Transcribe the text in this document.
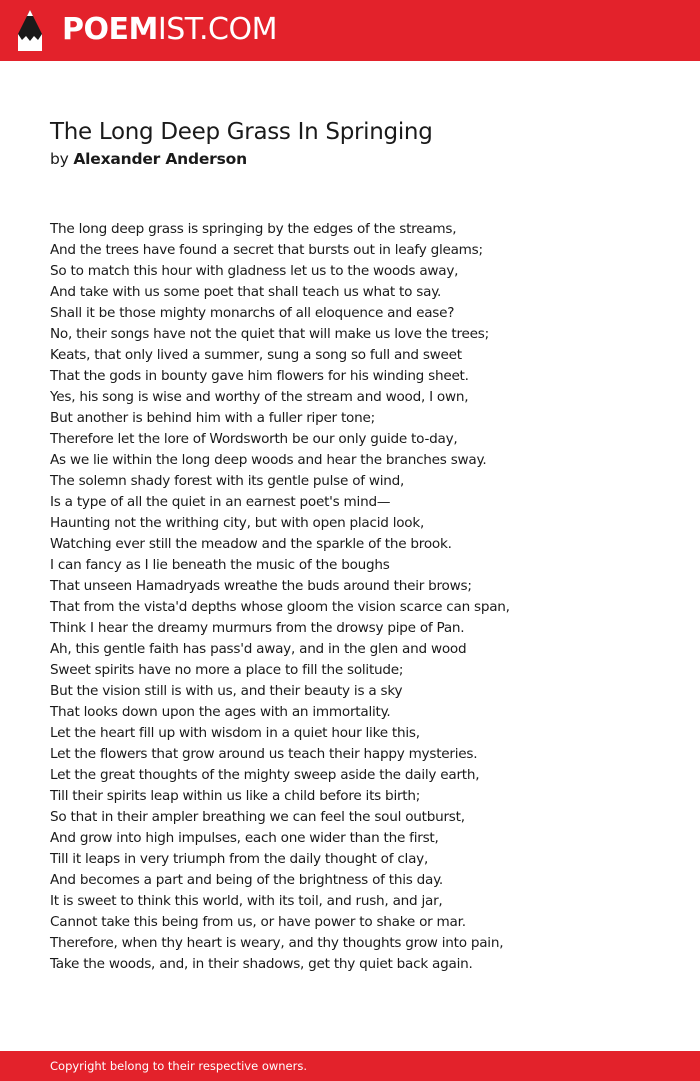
POEMIST.COM
The Long Deep Grass In Springing
by Alexander Anderson
The long deep grass is springing by the edges of the streams,
And the trees have found a secret that bursts out in leafy gleams;
So to match this hour with gladness let us to the woods away,
And take with us some poet that shall teach us what to say.
Shall it be those mighty monarchs of all eloquence and ease?
No, their songs have not the quiet that will make us love the trees;
Keats, that only lived a summer, sung a song so full and sweet
That the gods in bounty gave him flowers for his winding sheet.
Yes, his song is wise and worthy of the stream and wood, I own,
But another is behind him with a fuller riper tone;
Therefore let the lore of Wordsworth be our only guide to-day,
As we lie within the long deep woods and hear the branches sway.
The solemn shady forest with its gentle pulse of wind,
Is a type of all the quiet in an earnest poet's mind—
Haunting not the writhing city, but with open placid look,
Watching ever still the meadow and the sparkle of the brook.
I can fancy as I lie beneath the music of the boughs
That unseen Hamadryads wreathe the buds around their brows;
That from the vista'd depths whose gloom the vision scarce can span,
Think I hear the dreamy murmurs from the drowsy pipe of Pan.
Ah, this gentle faith has pass'd away, and in the glen and wood
Sweet spirits have no more a place to fill the solitude;
But the vision still is with us, and their beauty is a sky
That looks down upon the ages with an immortality.
Let the heart fill up with wisdom in a quiet hour like this,
Let the flowers that grow around us teach their happy mysteries.
Let the great thoughts of the mighty sweep aside the daily earth,
Till their spirits leap within us like a child before its birth;
So that in their ampler breathing we can feel the soul outburst,
And grow into high impulses, each one wider than the first,
Till it leaps in very triumph from the daily thought of clay,
And becomes a part and being of the brightness of this day.
It is sweet to think this world, with its toil, and rush, and jar,
Cannot take this being from us, or have power to shake or mar.
Therefore, when thy heart is weary, and thy thoughts grow into pain,
Take the woods, and, in their shadows, get thy quiet back again.
Copyright belong to their respective owners.
